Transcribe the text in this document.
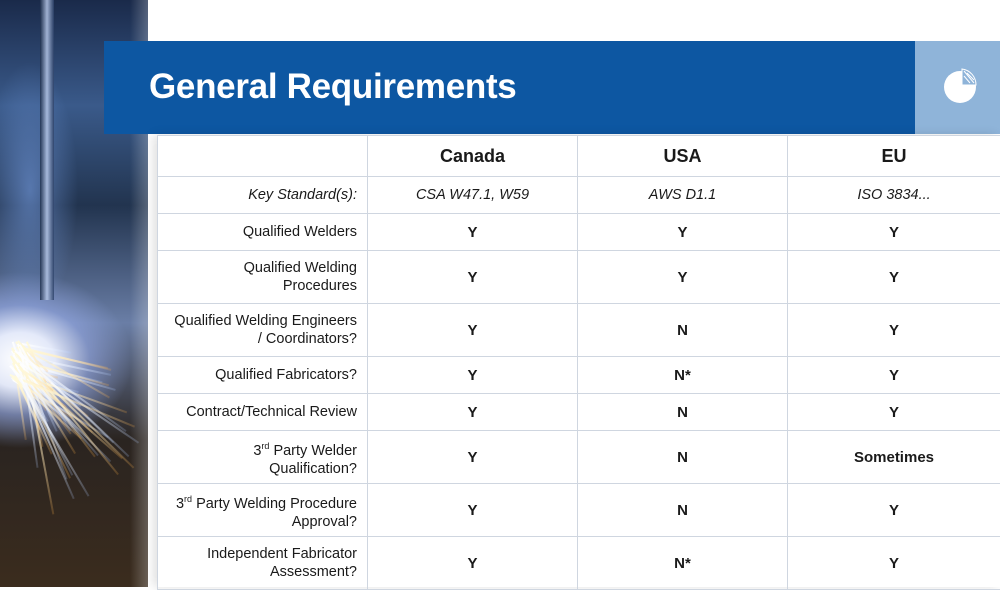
General Requirements
	Canada	USA	EU
Key Standard(s):	CSA W47.1, W59	AWS D1.1	ISO 3834...
Qualified Welders	Y	Y	Y
Qualified Welding Procedures	Y	Y	Y
Qualified Welding Engineers / Coordinators?	Y	N	Y
Qualified Fabricators?	Y	N*	Y
Contract/Technical Review	Y	N	Y
3rd Party Welder Qualification?	Y	N	Sometimes
3rd Party Welding Procedure Approval?	Y	N	Y
Independent Fabricator Assessment?	Y	N*	Y
